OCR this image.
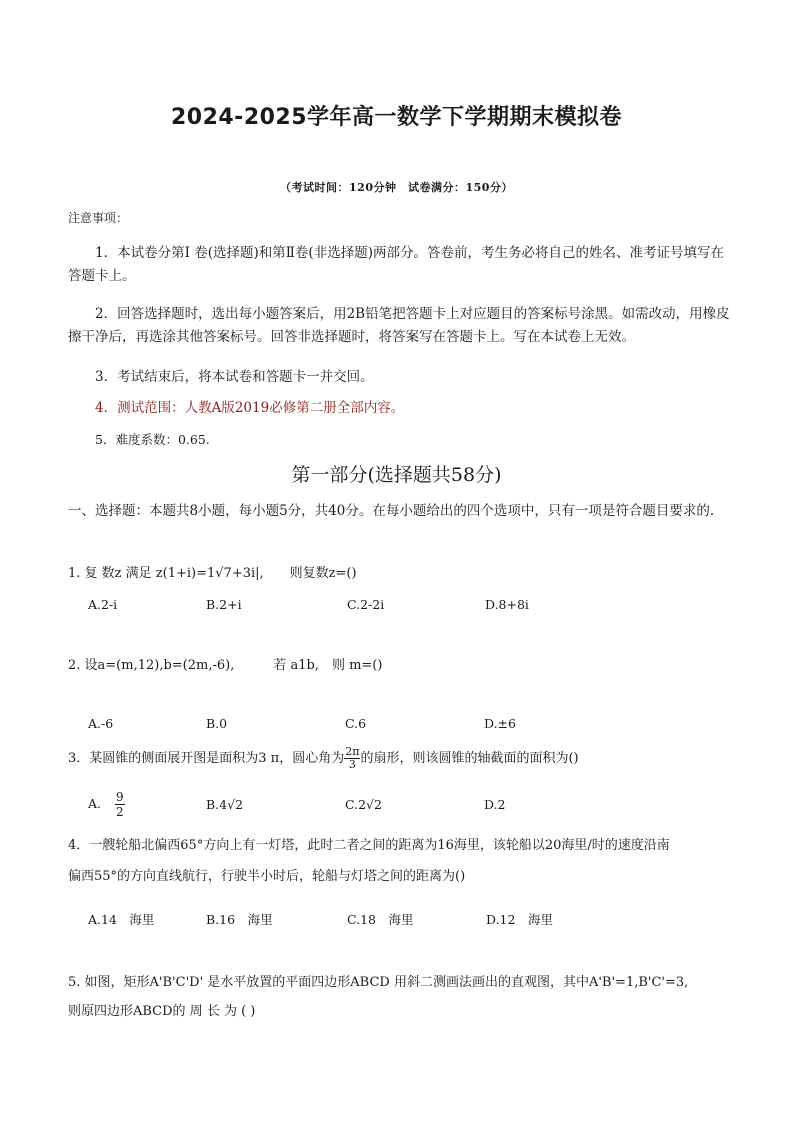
2024-2025学年高一数学下学期期末模拟卷
（考试时间：120分钟　试卷满分：150分）
注意事项：
1．本试卷分第Ⅰ 卷(选择题)和第Ⅱ卷(非选择题)两部分。答卷前，考生务必将自己的姓名、准考证号填写在答题卡上。
2．回答选择题时，选出每小题答案后，用2B铅笔把答题卡上对应题目的答案标号涂黑。如需改动，用橡皮擦干净后，再选涂其他答案标号。回答非选择题时，将答案写在答题卡上。写在本试卷上无效。
3．考试结束后，将本试卷和答题卡一并交回。
4．测试范围：人教A版2019必修第二册全部内容。
5．难度系数：0.65.
第一部分(选择题共58分)
一、选择题：本题共8小题，每小题5分，共40分。在每小题给出的四个选项中，只有一项是符合题目要求的.
1. 复 数z 满足 z(1+i)=1√7+3i|,　　则复数z=()
A.2-i	B.2+i	C.2-2i	D.8+8i
2. 设a=(m,12),b=(2m,-6),　　　若 a1b,　则 m=()
A.-6	B.0	C.6	D.±6
3．某圆锥的侧面展开图是面积为3 π，圆心角为 $\frac{2\pi}{3}$ 的扇形，则该圆锥的轴截面的面积为()
A. $\frac{9}{2}$	B.4√2	C.2√2	D.2
4．一艘轮船北偏西65°方向上有一灯塔，此时二者之间的距离为16海里，该轮船以20海里/时的速度沿南
偏西55°的方向直线航行，行驶半小时后，轮船与灯塔之间的距离为()
A.14　海里	B.16　海里	C.18　海里	D.12　海里
5. 如图，矩形A'B'C'D' 是水平放置的平面四边形ABCD 用斜二测画法画出的直观图，其中A'B'=1,B'C'=3,
则原四边形ABCD的 周 长 为 ( )
